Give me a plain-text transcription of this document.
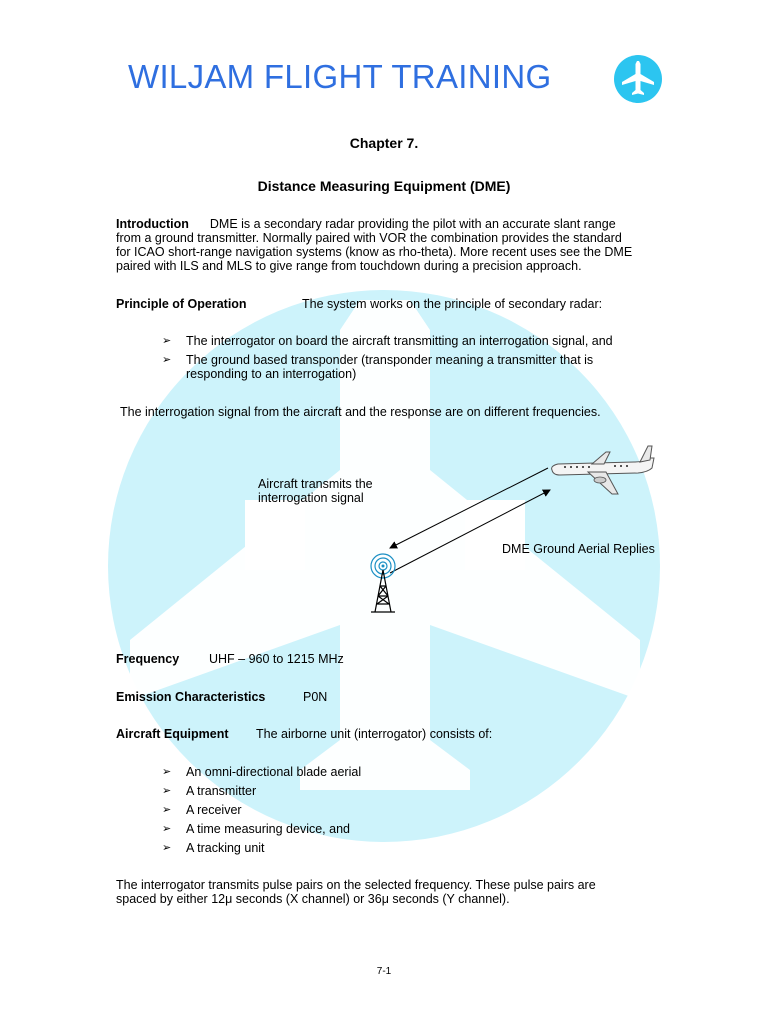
WILJAM FLIGHT TRAINING
Chapter 7.
Distance Measuring Equipment (DME)
Introduction DME is a secondary radar providing the pilot with an accurate slant range from a ground transmitter. Normally paired with VOR the combination provides the standard for ICAO short-range navigation systems (know as rho-theta). More recent uses see the DME paired with ILS and MLS to give range from touchdown during a precision approach.
Principle of Operation	The system works on the principle of secondary radar:
➢ The interrogator on board the aircraft transmitting an interrogation signal, and
➢ The ground based transponder (transponder meaning a transmitter that is responding to an interrogation)
The interrogation signal from the aircraft and the response are on different frequencies.
Aircraft transmits the
interrogation signal
DME Ground Aerial Replies
Frequency UHF – 960 to 1215 MHz
Emission Characteristics	P0N
Aircraft Equipment The airborne unit (interrogator) consists of:
➢ An omni-directional blade aerial
➢ A transmitter
➢ A receiver
➢ A time measuring device, and
➢ A tracking unit
The interrogator transmits pulse pairs on the selected frequency. These pulse pairs are spaced by either 12μ seconds (X channel) or 36μ seconds (Y channel).
7-1
